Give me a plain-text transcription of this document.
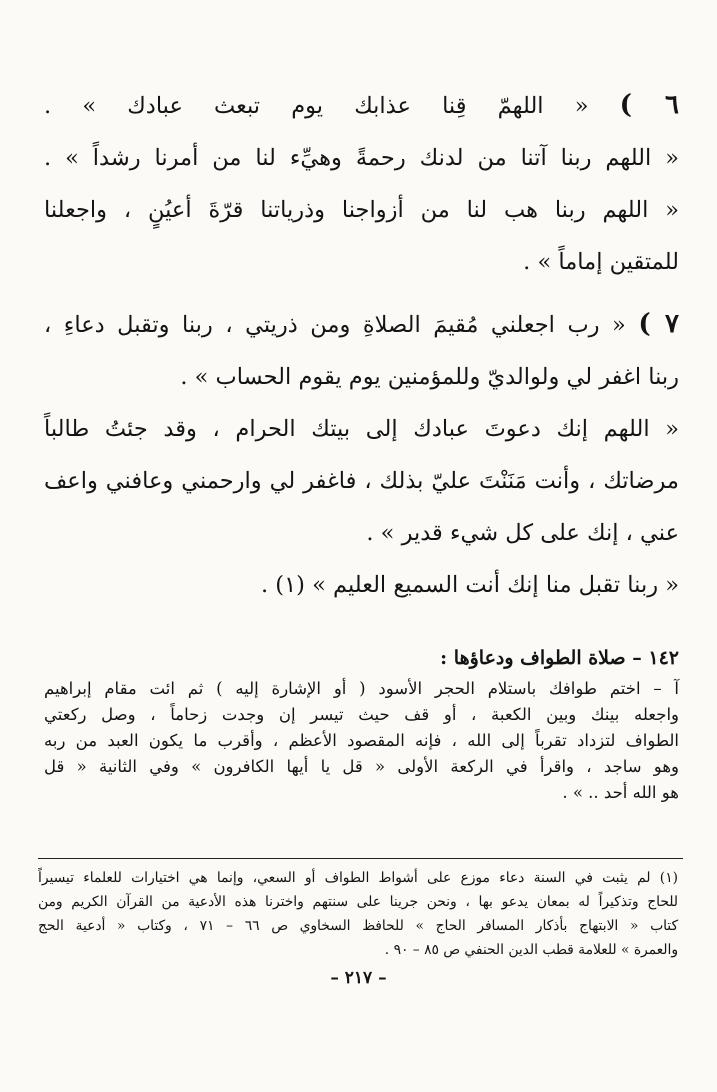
٦ ) « اللهمّ قِنا عذابك يوم تبعث عبادك » .

« اللهم ربنا آتنا من لدنك رحمةً وهيِّء لنا من أمرنا رشداً » .

« اللهم ربنا هب لنا من أزواجنا وذرياتنا قرّةَ أعيُنٍ ، واجعلنا

للمتقين إماماً » .

٧ ) « رب اجعلني مُقيمَ الصلاةِ ومن ذريتي ، ربنا وتقبل دعاءِ ،

ربنا اغفر لي ولوالديّ وللمؤمنين يوم يقوم الحساب » .

« اللهم إنك دعوتَ عبادك إلى بيتك الحرام ، وقد جئتُ طالباً

مرضاتك ، وأنت مَنَنْتَ عليّ بذلك ، فاغفر لي وارحمني وعافني واعف

عني ، إنك على كل شيء قدير » .

« ربنا تقبل منا إنك أنت السميع العليم » (١) .

١٤٢ – صلاة الطواف ودعاؤها :

آ – اختم طوافك باستلام الحجر الأسود ( أو الإشارة إليه ) ثم ائت مقام إبراهيم

واجعله بينك وبين الكعبة ، أو قف حيث تيسر إن وجدت زحاماً ، وصل ركعتي

الطواف لتزداد تقرباً إلى الله ، فإنه المقصود الأعظم ، وأقرب ما يكون العبد من ربه

وهو ساجد ، واقرأ في الركعة الأولى « قل يا أيها الكافرون » وفي الثانية « قل

هو الله أحد .. » .

(١) لم يثبت في السنة دعاء موزع على أشواط الطواف أو السعي، وإنما هي اختيارات للعلماء تيسيراً

للحاج وتذكيراً له بمعان يدعو بها ، ونحن جرينا على سنتهم واخترنا هذه الأدعية من القرآن الكريم ومن

كتاب « الابتهاج بأذكار المسافر الحاج » للحافظ السخاوي ص ٦٦ – ٧١ ، وكتاب « أدعية الحج

والعمرة » للعلامة قطب الدين الحنفي ص ٨٥ – ٩٠ .

– ٢١٧ –
